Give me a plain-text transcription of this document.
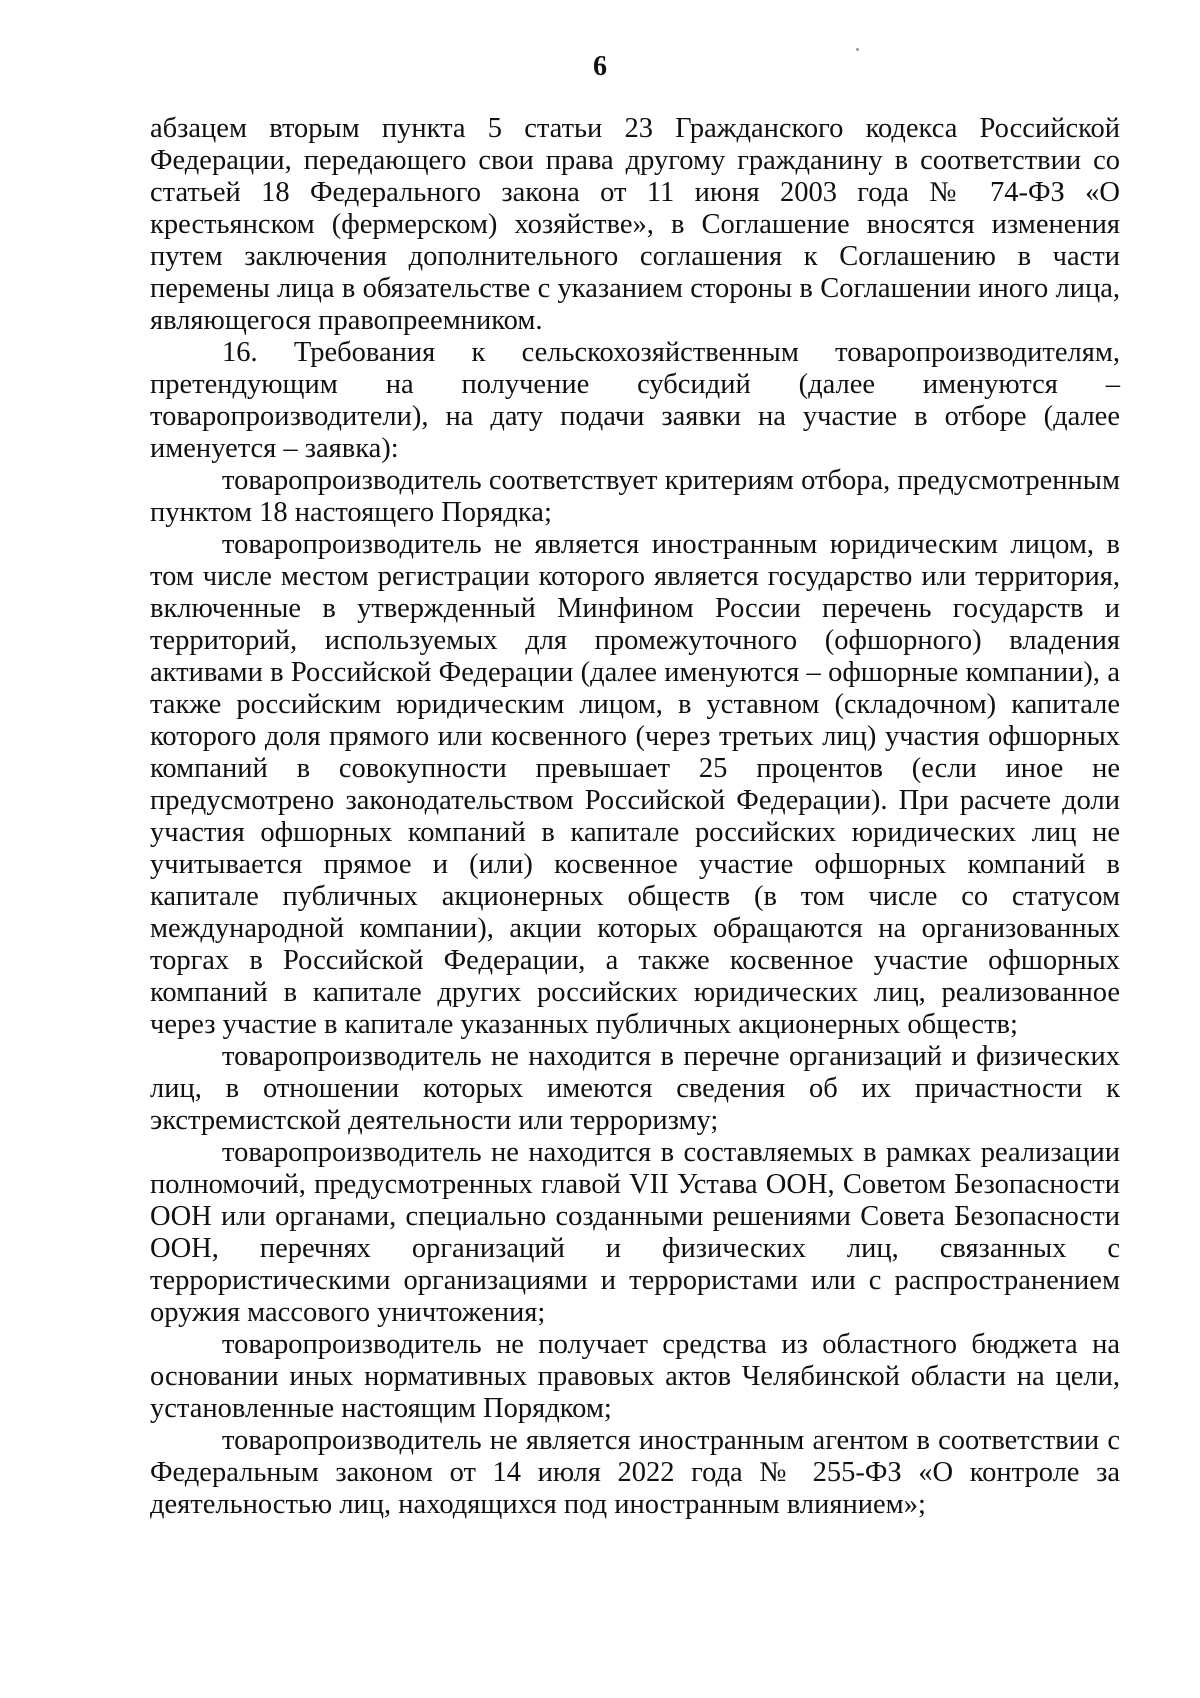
6

абзацем вторым пункта 5 статьи 23 Гражданского кодекса Российской Федерации, передающего свои права другому гражданину в соответствии со статьей 18 Федерального закона от 11 июня 2003 года № 74-ФЗ «О крестьянском (фермерском) хозяйстве», в Соглашение вносятся изменения путем заключения дополнительного соглашения к Соглашению в части перемены лица в обязательстве с указанием стороны в Соглашении иного лица, являющегося правопреемником.

16. Требования к сельскохозяйственным товаропроизводителям, претендующим на получение субсидий (далее именуются – товаропроизводители), на дату подачи заявки на участие в отборе (далее именуется – заявка):

товаропроизводитель соответствует критериям отбора, предусмотренным пунктом 18 настоящего Порядка;

товаропроизводитель не является иностранным юридическим лицом, в том числе местом регистрации которого является государство или территория, включенные в утвержденный Минфином России перечень государств и территорий, используемых для промежуточного (офшорного) владения активами в Российской Федерации (далее именуются – офшорные компании), а также российским юридическим лицом, в уставном (складочном) капитале которого доля прямого или косвенного (через третьих лиц) участия офшорных компаний в совокупности превышает 25 процентов (если иное не предусмотрено законодательством Российской Федерации). При расчете доли участия офшорных компаний в капитале российских юридических лиц не учитывается прямое и (или) косвенное участие офшорных компаний в капитале публичных акционерных обществ (в том числе со статусом международной компании), акции которых обращаются на организованных торгах в Российской Федерации, а также косвенное участие офшорных компаний в капитале других российских юридических лиц, реализованное через участие в капитале указанных публичных акционерных обществ;

товаропроизводитель не находится в перечне организаций и физических лиц, в отношении которых имеются сведения об их причастности к экстремистской деятельности или терроризму;

товаропроизводитель не находится в составляемых в рамках реализации полномочий, предусмотренных главой VII Устава ООН, Советом Безопасности ООН или органами, специально созданными решениями Совета Безопасности ООН, перечнях организаций и физических лиц, связанных с террористическими организациями и террористами или с распространением оружия массового уничтожения;

товаропроизводитель не получает средства из областного бюджета на основании иных нормативных правовых актов Челябинской области на цели, установленные настоящим Порядком;

товаропроизводитель не является иностранным агентом в соответствии с Федеральным законом от 14 июля 2022 года № 255-ФЗ «О контроле за деятельностью лиц, находящихся под иностранным влиянием»;
